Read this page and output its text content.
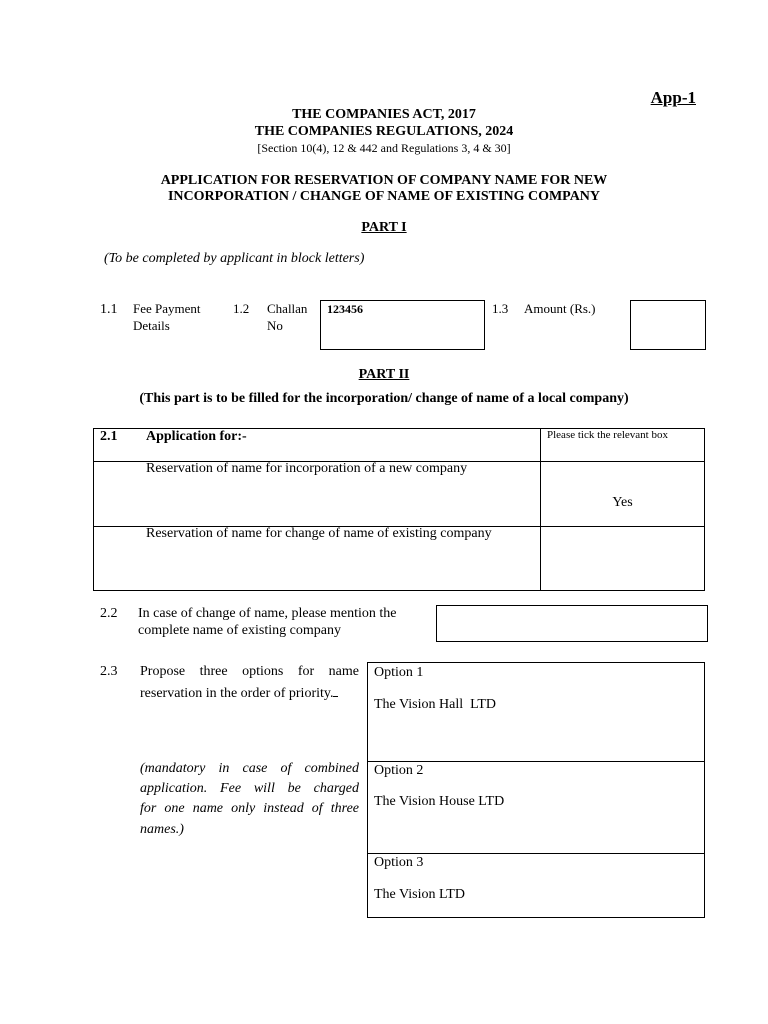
App-1
THE COMPANIES ACT, 2017
THE COMPANIES REGULATIONS, 2024
[Section 10(4), 12 & 442 and Regulations 3, 4 & 30]
APPLICATION FOR RESERVATION OF COMPANY NAME FOR NEW
INCORPORATION / CHANGE OF NAME OF EXISTING COMPANY
PART I
(To be completed by applicant in block letters)
1.1 Fee Payment
Details
1.2 Challan
No
123456	1.3 Amount (Rs.)
PART II
(This part is to be filled for the incorporation/ change of name of a local company)
2.1 Application for:-	Please tick the relevant box
Reservation of name for incorporation of a new company
Yes
Reservation of name for change of name of existing company
2.2 In case of change of name, please mention the
complete name of existing company
2.3 Propose three options for name
reservation in the order of priority.
(mandatory in case of combined
application. Fee will be charged
for one name only instead of three
names.)
Option 1
The Vision Hall  LTD
Option 2
The Vision House LTD
Option 3
The Vision LTD
